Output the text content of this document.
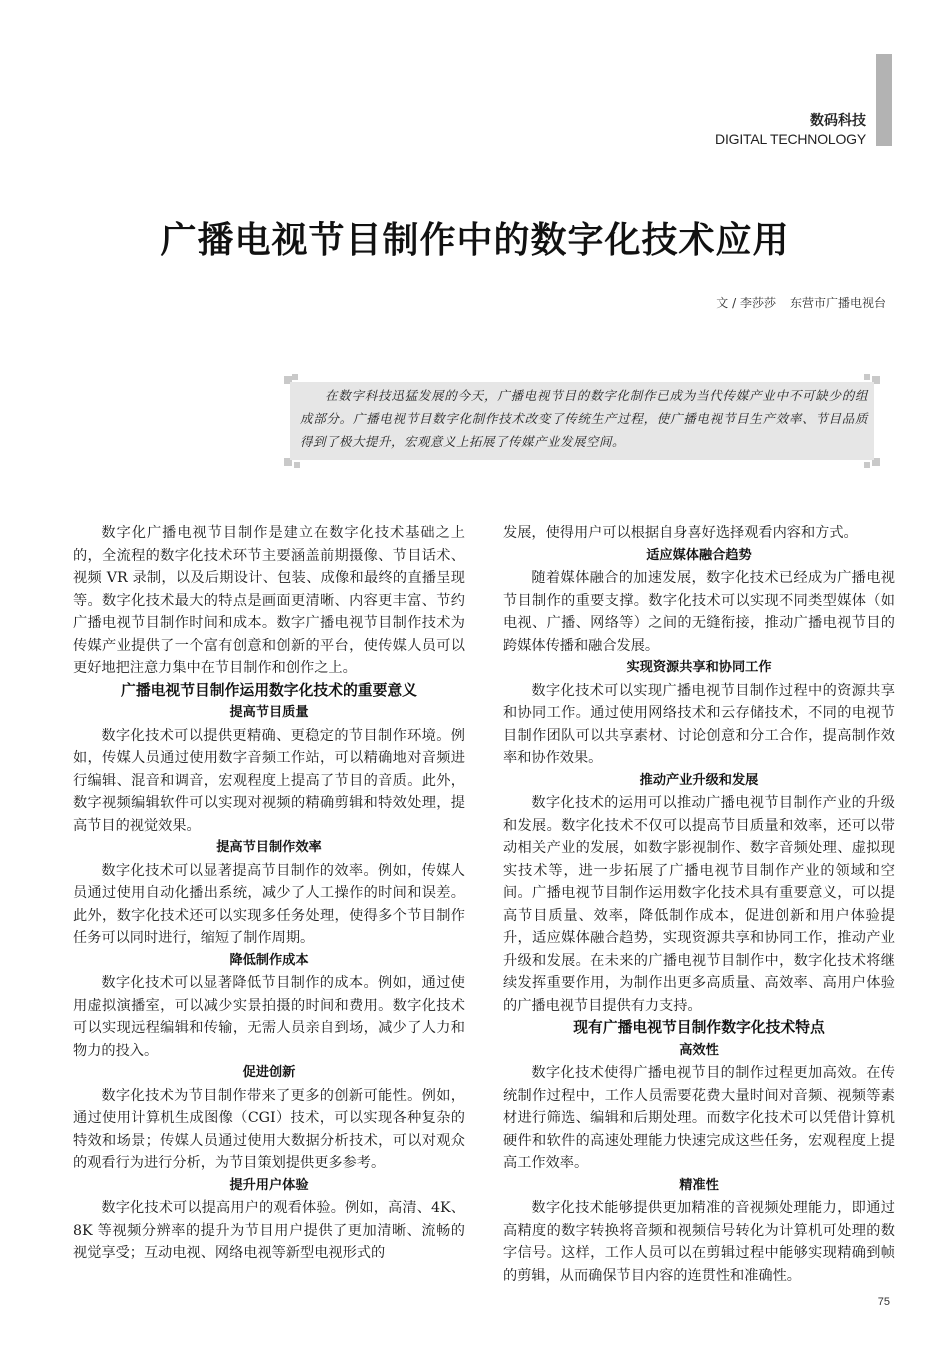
数码科技
DIGITAL TECHNOLOGY
广播电视节目制作中的数字化技术应用
文 / 李莎莎 东营市广播电视台

在数字科技迅猛发展的今天，广播电视节目的数字化制作已成为当代传媒产业中不可缺少的组成部分。广播电视节目数字化制作技术改变了传统生产过程，使广播电视节目生产效率、节目品质得到了极大提升，宏观意义上拓展了传媒产业发展空间。

数字化广播电视节目制作是建立在数字化技术基础之上的，全流程的数字化技术环节主要涵盖前期摄像、节目话术、视频 VR 录制，以及后期设计、包装、成像和最终的直播呈现等。数字化技术最大的特点是画面更清晰、内容更丰富、节约广播电视节目制作时间和成本。数字广播电视节目制作技术为传媒产业提供了一个富有创意和创新的平台，使传媒人员可以更好地把注意力集中在节目制作和创作之上。

广播电视节目制作运用数字化技术的重要意义
提高节目质量

数字化技术可以提供更精确、更稳定的节目制作环境。例如，传媒人员通过使用数字音频工作站，可以精确地对音频进行编辑、混音和调音，宏观程度上提高了节目的音质。此外，数字视频编辑软件可以实现对视频的精确剪辑和特效处理，提高节目的视觉效果。

提高节目制作效率

数字化技术可以显著提高节目制作的效率。例如，传媒人员通过使用自动化播出系统，减少了人工操作的时间和误差。此外，数字化技术还可以实现多任务处理，使得多个节目制作任务可以同时进行，缩短了制作周期。

降低制作成本

数字化技术可以显著降低节目制作的成本。例如，通过使用虚拟演播室，可以减少实景拍摄的时间和费用。数字化技术可以实现远程编辑和传输，无需人员亲自到场，减少了人力和物力的投入。

促进创新

数字化技术为节目制作带来了更多的创新可能性。例如，通过使用计算机生成图像（CGI）技术，可以实现各种复杂的特效和场景；传媒人员通过使用大数据分析技术，可以对观众的观看行为进行分析，为节目策划提供更多参考。

提升用户体验

数字化技术可以提高用户的观看体验。例如，高清、4K、8K 等视频分辨率的提升为节目用户提供了更加清晰、流畅的视觉享受；互动电视、网络电视等新型电视形式的

发展，使得用户可以根据自身喜好选择观看内容和方式。

适应媒体融合趋势

随着媒体融合的加速发展，数字化技术已经成为广播电视节目制作的重要支撑。数字化技术可以实现不同类型媒体（如电视、广播、网络等）之间的无缝衔接，推动广播电视节目的跨媒体传播和融合发展。

实现资源共享和协同工作

数字化技术可以实现广播电视节目制作过程中的资源共享和协同工作。通过使用网络技术和云存储技术，不同的电视节目制作团队可以共享素材、讨论创意和分工合作，提高制作效率和协作效果。

推动产业升级和发展

数字化技术的运用可以推动广播电视节目制作产业的升级和发展。数字化技术不仅可以提高节目质量和效率，还可以带动相关产业的发展，如数字影视制作、数字音频处理、虚拟现实技术等，进一步拓展了广播电视节目制作产业的领域和空间。广播电视节目制作运用数字化技术具有重要意义，可以提高节目质量、效率，降低制作成本，促进创新和用户体验提升，适应媒体融合趋势，实现资源共享和协同工作，推动产业升级和发展。在未来的广播电视节目制作中，数字化技术将继续发挥重要作用，为制作出更多高质量、高效率、高用户体验的广播电视节目提供有力支持。

现有广播电视节目制作数字化技术特点
高效性

数字化技术使得广播电视节目的制作过程更加高效。在传统制作过程中，工作人员需要花费大量时间对音频、视频等素材进行筛选、编辑和后期处理。而数字化技术可以凭借计算机硬件和软件的高速处理能力快速完成这些任务，宏观程度上提高工作效率。

精准性

数字化技术能够提供更加精准的音视频处理能力，即通过高精度的数字转换将音频和视频信号转化为计算机可处理的数字信号。这样，工作人员可以在剪辑过程中能够实现精确到帧的剪辑，从而确保节目内容的连贯性和准确性。

75
